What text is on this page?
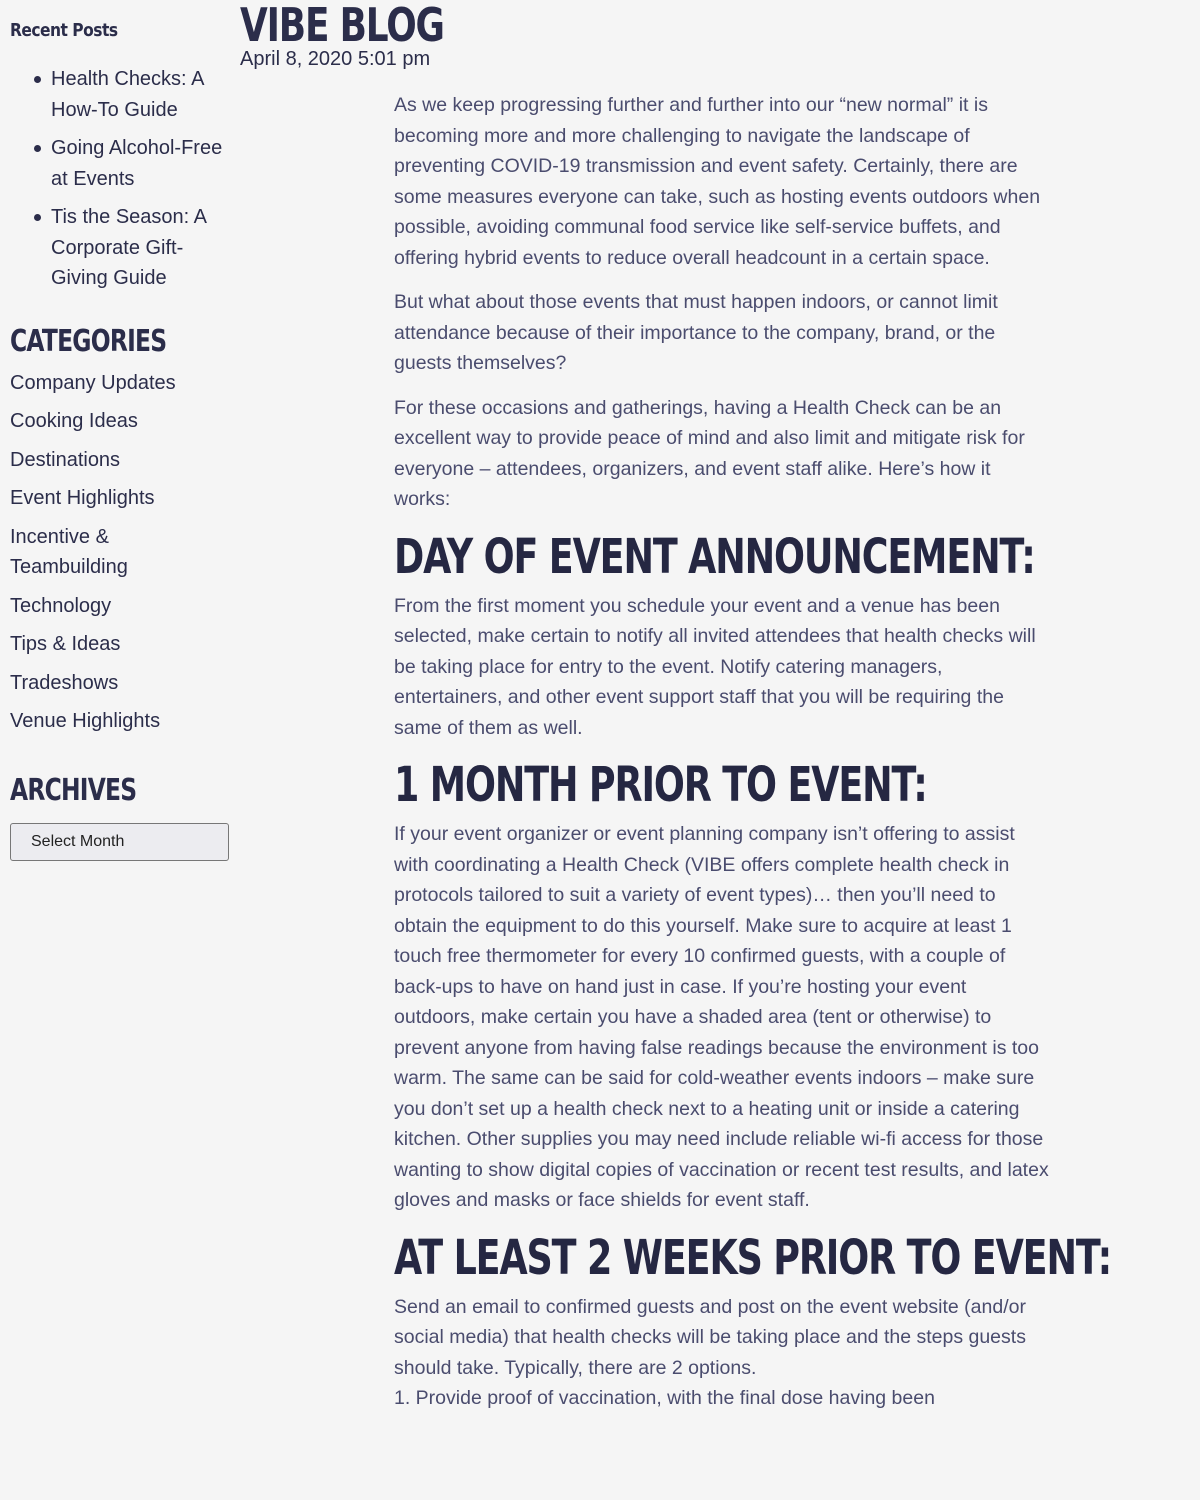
Recent Posts
Health Checks: A How-To Guide
Going Alcohol-Free at Events
Tis the Season: A Corporate Gift-Giving Guide
CATEGORIES
Company Updates
Cooking Ideas
Destinations
Event Highlights
Incentive & Teambuilding
Technology
Tips & Ideas
Tradeshows
Venue Highlights
ARCHIVES
Select Month
VIBE BLOG
April 8, 2020 5:01 pm

As we keep progressing further and further into our “new normal” it is becoming more and more challenging to navigate the landscape of preventing COVID-19 transmission and event safety. Certainly, there are some measures everyone can take, such as hosting events outdoors when possible, avoiding communal food service like self-service buffets, and offering hybrid events to reduce overall headcount in a certain space.

But what about those events that must happen indoors, or cannot limit attendance because of their importance to the company, brand, or the guests themselves?

For these occasions and gatherings, having a Health Check can be an excellent way to provide peace of mind and also limit and mitigate risk for everyone – attendees, organizers, and event staff alike. Here’s how it works:

DAY OF EVENT ANNOUNCEMENT:

From the first moment you schedule your event and a venue has been selected, make certain to notify all invited attendees that health checks will be taking place for entry to the event. Notify catering managers, entertainers, and other event support staff that you will be requiring the same of them as well.

1 MONTH PRIOR TO EVENT:

If your event organizer or event planning company isn’t offering to assist with coordinating a Health Check (VIBE offers complete health check in protocols tailored to suit a variety of event types)… then you’ll need to obtain the equipment to do this yourself. Make sure to acquire at least 1 touch free thermometer for every 10 confirmed guests, with a couple of back-ups to have on hand just in case. If you’re hosting your event outdoors, make certain you have a shaded area (tent or otherwise) to prevent anyone from having false readings because the environment is too warm. The same can be said for cold-weather events indoors – make sure you don’t set up a health check next to a heating unit or inside a catering kitchen. Other supplies you may need include reliable wi-fi access for those wanting to show digital copies of vaccination or recent test results, and latex gloves and masks or face shields for event staff.

AT LEAST 2 WEEKS PRIOR TO EVENT:

Send an email to confirmed guests and post on the event website (and/or social media) that health checks will be taking place and the steps guests should take. Typically, there are 2 options.

1. Provide proof of vaccination, with the final dose having been
